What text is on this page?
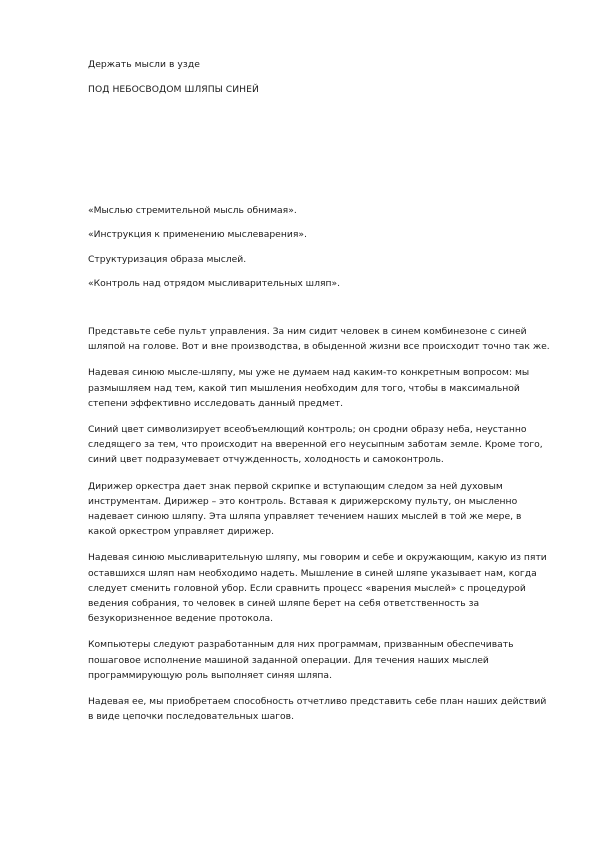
Держать мысли в узде
ПОД НЕБОСВОДОМ ШЛЯПЫ СИНЕЙ
«Мыслью стремительной мысль обнимая».
«Инструкция к применению мыслеварения».
Структуризация образа мыслей.
«Контроль над отрядом мысливарительных шляп».

Представьте себе пульт управления. За ним сидит человек в синем комбинезоне с синей шляпой на голове. Вот и вне производства, в обыденной жизни все происходит точно так же.

Надевая синюю мысле-шляпу, мы уже не думаем над каким-то конкретным вопросом: мы размышляем над тем, какой тип мышления необходим для того, чтобы в максимальной степени эффективно исследовать данный предмет.

Синий цвет символизирует всеобъемлющий контроль; он сродни образу неба, неустанно следящего за тем, что происходит на вверенной его неусыпным заботам земле. Кроме того, синий цвет подразумевает отчужденность, холодность и самоконтроль.

Дирижер оркестра дает знак первой скрипке и вступающим следом за ней духовым инструментам. Дирижер – это контроль. Вставая к дирижерскому пульту, он мысленно надевает синюю шляпу. Эта шляпа управляет течением наших мыслей в той же мере, в какой оркестром управляет дирижер.

Надевая синюю мысливарительную шляпу, мы говорим и себе и окружающим, какую из пяти оставшихся шляп нам необходимо надеть. Мышление в синей шляпе указывает нам, когда следует сменить головной убор. Если сравнить процесс «варения мыслей» с процедурой ведения собрания, то человек в синей шляпе берет на себя ответственность за безукоризненное ведение протокола.

Компьютеры следуют разработанным для них программам, призванным обеспечивать пошаговое исполнение машиной заданной операции. Для течения наших мыслей программирующую роль выполняет синяя шляпа.

Надевая ее, мы приобретаем способность отчетливо представить себе план наших действий в виде цепочки последовательных шагов.
